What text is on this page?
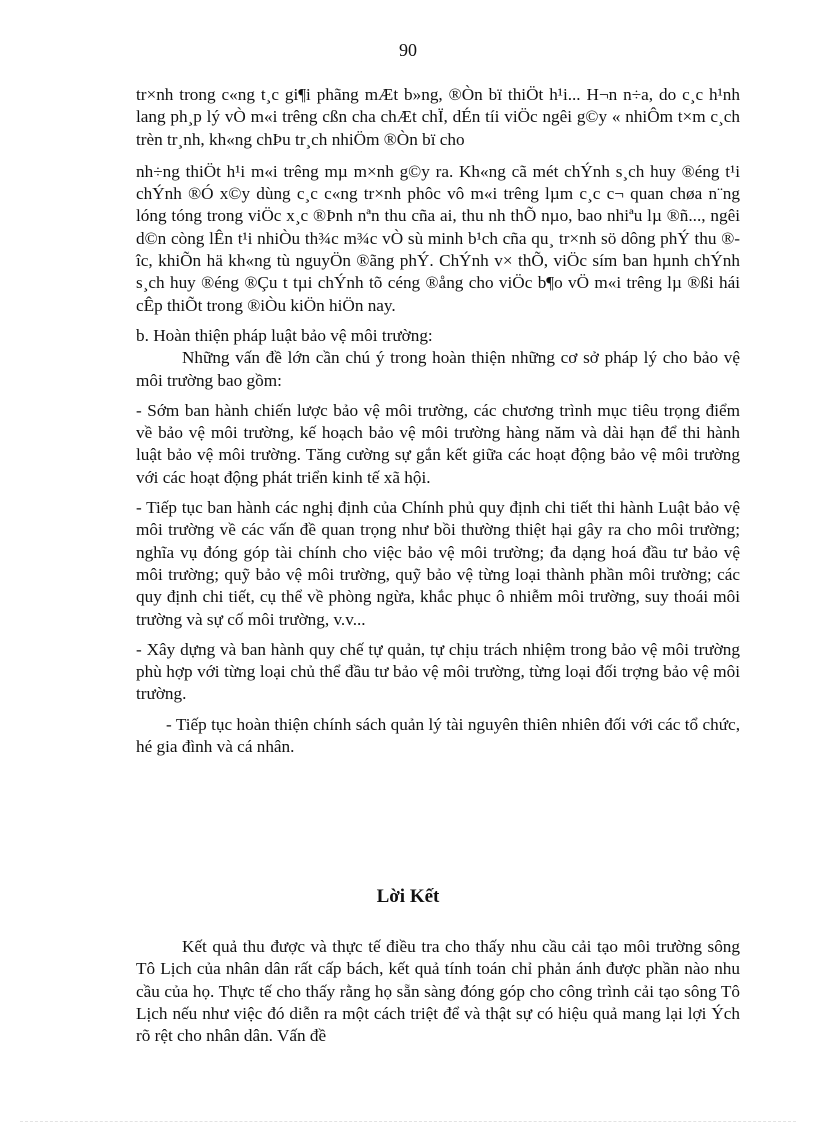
90

tr×nh trong c«ng t¸c gi¶i phãng mÆt b»ng, ®Òn bï thiÖt h¹i... H¬n n÷a, do c¸c h¹nh lang ph¸p lý vÒ m«i trêng cßn cha chÆt chÏ, dÉn tíi viÖc ngêi g©y « nhiÔm t×m c¸ch trèn tr¸nh, kh«ng chÞu tr¸ch nhiÖm ®Òn bï cho

nh÷ng thiÖt h¹i m«i trêng mµ m×nh g©y ra. Kh«ng cã mét chÝnh s¸ch huy ®éng t¹i chÝnh ®Ó x©y dùng c¸c c«ng tr×nh phôc vô m«i trêng lµm c¸c c¬ quan chøa n¨ng lóng tóng trong viÖc x¸c ®Þnh nªn thu cña ai, thu nh thÕ nµo, bao nhiªu lµ ®ñ..., ngêi d©n còng lÊn t¹i nhiÒu th¾c m¾c vÒ sù minh b¹ch cña qu¸ tr×nh sö dông phÝ thu ®îc, khiÕn hä kh«ng tù nguyÖn ®ãng phÝ. ChÝnh v× thÕ, viÖc sím ban hµnh chÝnh s¸ch huy ®éng ®Çu t tµi chÝnh tõ céng ®ång cho viÖc b¶o vÖ m«i trêng lµ ®ßi hái cÊp thiÕt trong ®iÒu kiÖn hiÖn nay.

b. Hoàn thiện pháp luật bảo vệ môi trường:

Những vấn đề lớn cần chú ý trong hoàn thiện những cơ sở pháp lý cho bảo vệ môi trường bao gồm:

- Sớm ban hành chiến lược bảo vệ môi trường, các chương trình mục tiêu trọng điểm về bảo vệ môi trường, kế hoạch bảo vệ môi trường hàng năm và dài hạn để thi hành luật bảo vệ môi trường. Tăng cường sự gắn kết giữa các hoạt động bảo vệ môi trường với các hoạt động phát triển kinh tế xã hội.

- Tiếp tục ban hành các nghị định của Chính phủ quy định chi tiết thi hành Luật bảo vệ môi trường về các vấn đề quan trọng như bồi thường thiệt hại gây ra cho môi trường; nghĩa vụ đóng góp tài chính cho việc bảo vệ môi trường; đa dạng hoá đầu tư bảo vệ môi trường; quỹ bảo vệ môi trường, quỹ bảo vệ từng loại thành phần môi trường; các quy định chi tiết, cụ thể về phòng ngừa, khắc phục ô nhiễm môi trường, suy thoái môi trường và sự cố môi trường, v.v...

- Xây dựng và ban hành quy chế tự quản, tự chịu trách nhiệm trong bảo vệ môi trường phù hợp với từng loại chủ thể đầu tư bảo vệ môi trường, từng loại đối trợng bảo vệ môi trường.

- Tiếp tục hoàn thiện chính sách quản lý tài nguyên thiên nhiên đối với các tổ chức, hé gia đình và cá nhân.

Lời Kết

Kết quả thu được và thực tế điều tra cho thấy nhu cầu cải tạo môi trường sông Tô Lịch của nhân dân rất cấp bách, kết quả tính toán chỉ phản ánh được phần nào nhu cầu của họ. Thực tế cho thấy rằng họ sẵn sàng đóng góp cho công trình cải tạo sông Tô Lịch nếu như việc đó diễn ra một cách triệt để và thật sự có hiệu quả mang lại lợi Ých rõ rệt cho nhân dân. Vấn đề
